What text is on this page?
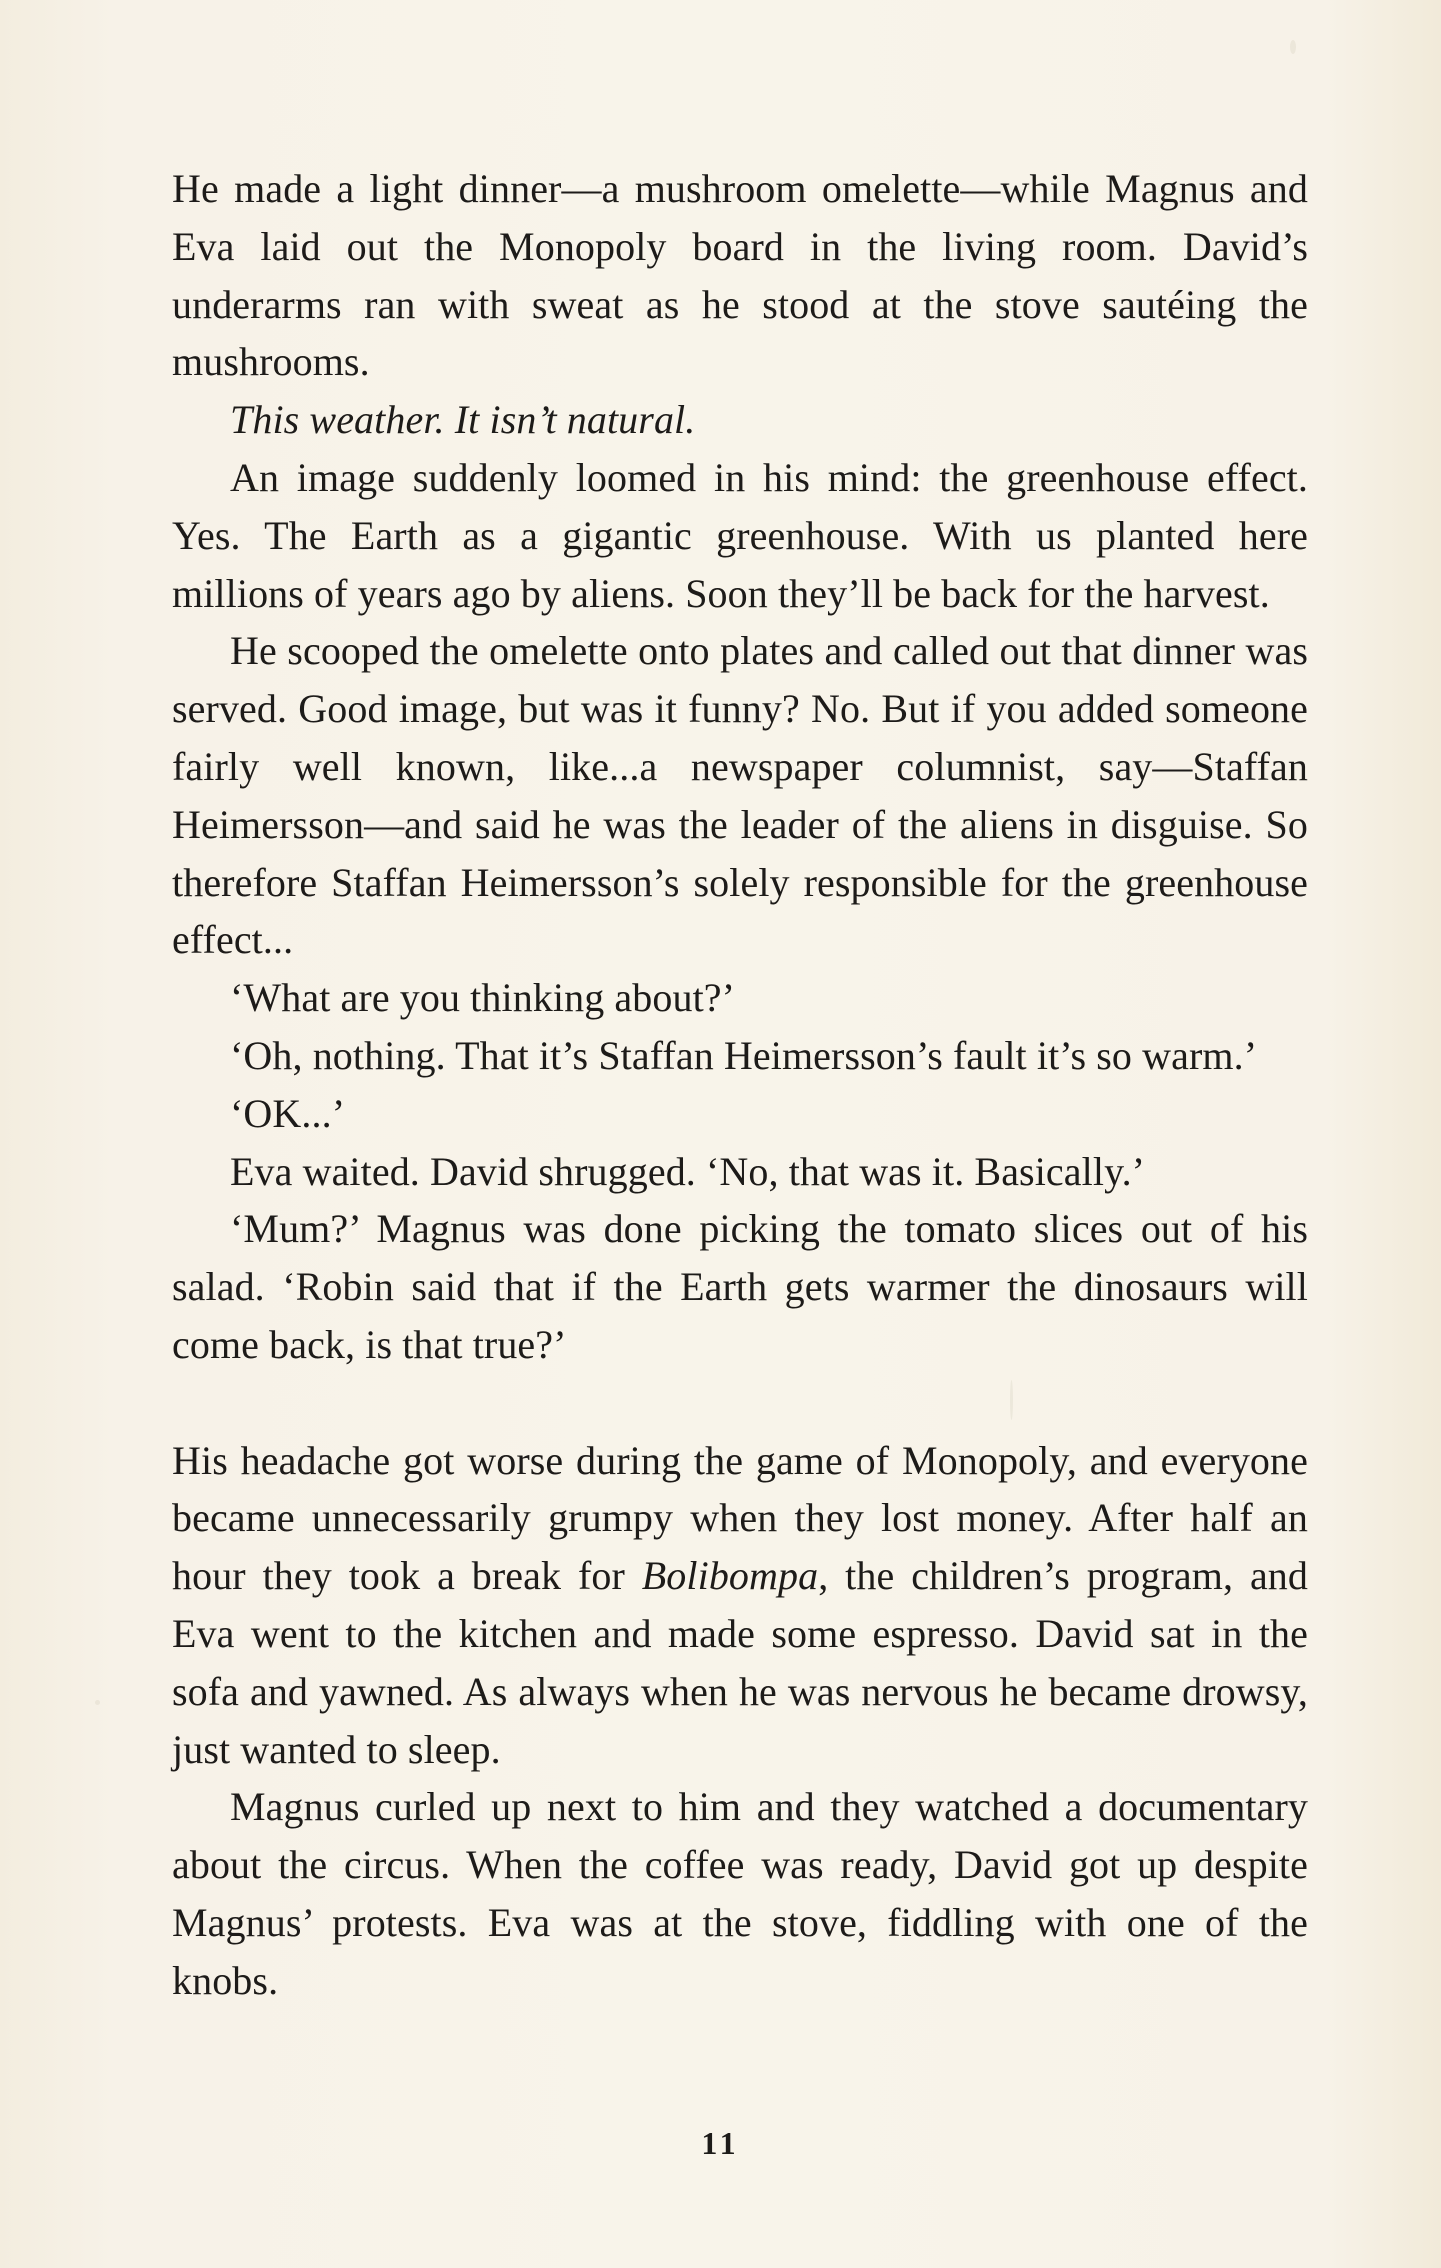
He made a light dinner—a mushroom omelette—while Magnus and Eva laid out the Monopoly board in the living room. David’s underarms ran with sweat as he stood at the stove sautéing the mushrooms.

This weather. It isn’t natural.

An image suddenly loomed in his mind: the greenhouse effect. Yes. The Earth as a gigantic greenhouse. With us planted here millions of years ago by aliens. Soon they’ll be back for the harvest.

He scooped the omelette onto plates and called out that dinner was served. Good image, but was it funny? No. But if you added someone fairly well known, like...a newspaper columnist, say—Staffan Heimersson—and said he was the leader of the aliens in disguise. So therefore Staffan Heimersson’s solely responsible for the greenhouse effect...

‘What are you thinking about?’

‘Oh, nothing. That it’s Staffan Heimersson’s fault it’s so warm.’

‘OK...’

Eva waited. David shrugged. ‘No, that was it. Basically.’

‘Mum?’ Magnus was done picking the tomato slices out of his salad. ‘Robin said that if the Earth gets warmer the dinosaurs will come back, is that true?’

His headache got worse during the game of Monopoly, and everyone became unnecessarily grumpy when they lost money. After half an hour they took a break for Bolibompa, the children’s program, and Eva went to the kitchen and made some espresso. David sat in the sofa and yawned. As always when he was nervous he became drowsy, just wanted to sleep.

Magnus curled up next to him and they watched a documentary about the circus. When the coffee was ready, David got up despite Magnus’ protests. Eva was at the stove, fiddling with one of the knobs.

11
